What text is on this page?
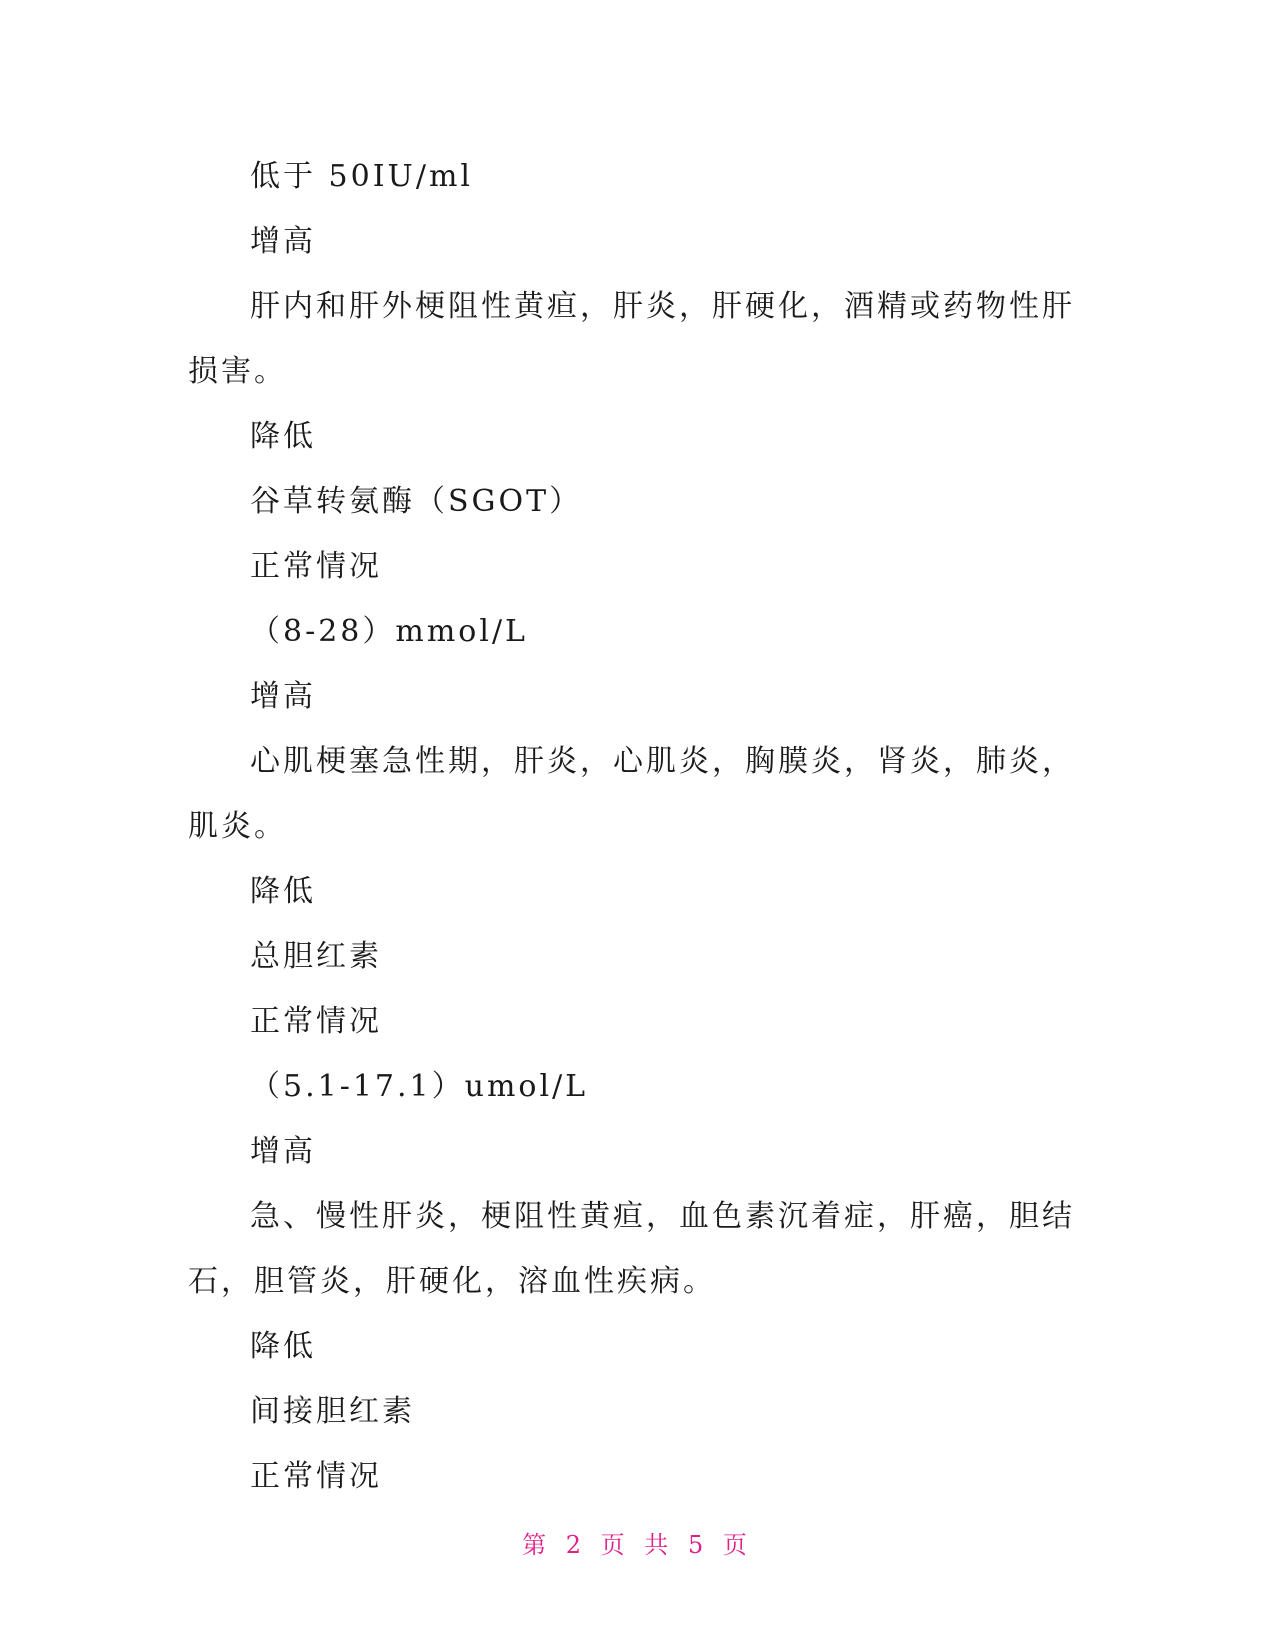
低于 50IU/ml

增高

肝内和肝外梗阻性黄疸，肝炎，肝硬化，酒精或药物性肝损害。

降低

谷草转氨酶（SGOT）

正常情况

（8-28）mmol/L

增高

心肌梗塞急性期，肝炎，心肌炎，胸膜炎，肾炎，肺炎，肌炎。

降低

总胆红素

正常情况

（5.1-17.1）umol/L

增高

急、慢性肝炎，梗阻性黄疸，血色素沉着症，肝癌，胆结石，胆管炎，肝硬化，溶血性疾病。

降低

间接胆红素

正常情况

第 2 页 共 5 页
